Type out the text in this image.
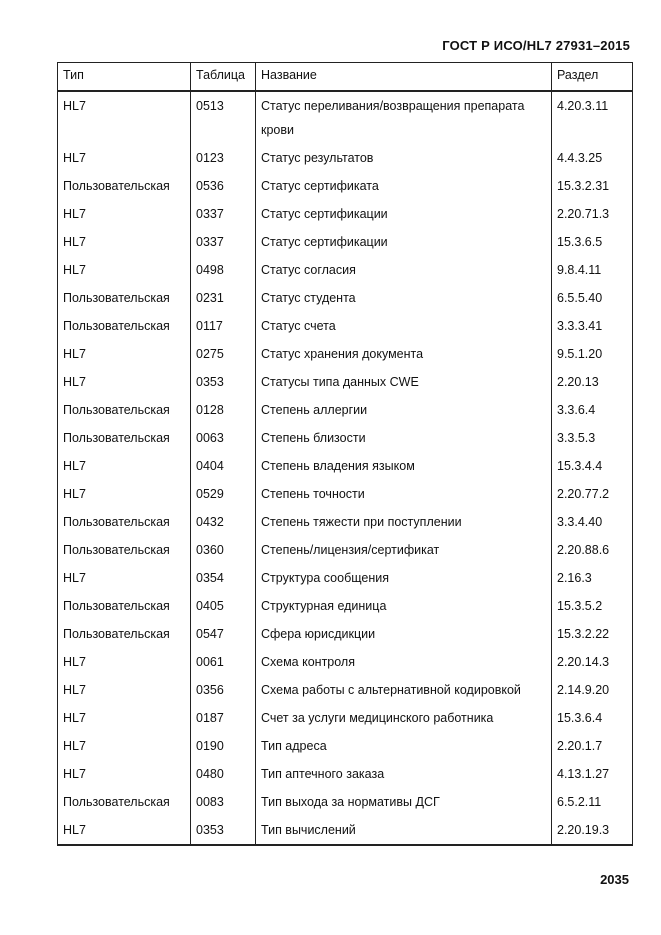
ГОСТ Р ИСО/HL7 27931–2015
Тип	Таблица	Название	Раздел
HL7	0513	Статус переливания/возвращения препарата крови	4.20.3.11
HL7	0123	Статус результатов	4.4.3.25
Пользовательская	0536	Статус сертификата	15.3.2.31
HL7	0337	Статус сертификации	2.20.71.3
HL7	0337	Статус сертификации	15.3.6.5
HL7	0498	Статус согласия	9.8.4.11
Пользовательская	0231	Статус студента	6.5.5.40
Пользовательская	0117	Статус счета	3.3.3.41
HL7	0275	Статус хранения документа	9.5.1.20
HL7	0353	Статусы типа данных CWE	2.20.13
Пользовательская	0128	Степень аллергии	3.3.6.4
Пользовательская	0063	Степень близости	3.3.5.3
HL7	0404	Степень владения языком	15.3.4.4
HL7	0529	Степень точности	2.20.77.2
Пользовательская	0432	Степень тяжести при поступлении	3.3.4.40
Пользовательская	0360	Степень/лицензия/сертификат	2.20.88.6
HL7	0354	Структура сообщения	2.16.3
Пользовательская	0405	Структурная единица	15.3.5.2
Пользовательская	0547	Сфера юрисдикции	15.3.2.22
HL7	0061	Схема контроля	2.20.14.3
HL7	0356	Схема работы с альтернативной кодировкой	2.14.9.20
HL7	0187	Счет за услуги медицинского работника	15.3.6.4
HL7	0190	Тип адреса	2.20.1.7
HL7	0480	Тип аптечного заказа	4.13.1.27
Пользовательская	0083	Тип выхода за нормативы ДСГ	6.5.2.11
HL7	0353	Тип вычислений	2.20.19.3
2035
